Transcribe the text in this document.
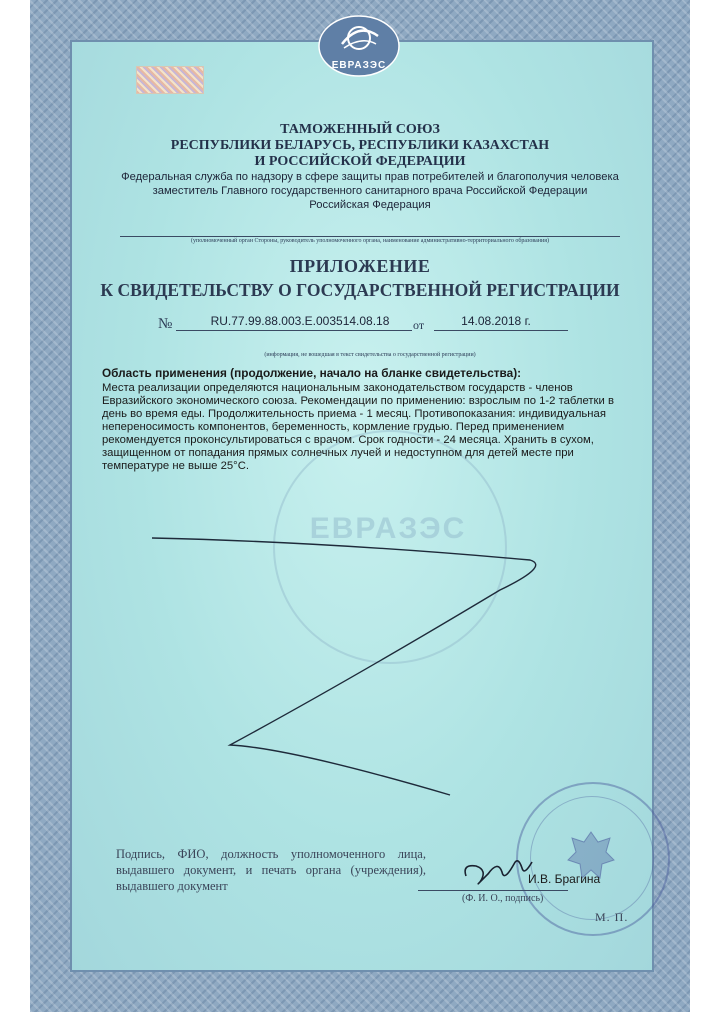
ЕВРАЗЭС
ТАМОЖЕННЫЙ СОЮЗ
РЕСПУБЛИКИ БЕЛАРУСЬ, РЕСПУБЛИКИ КАЗАХСТАН
И РОССИЙСКОЙ ФЕДЕРАЦИИ
Федеральная служба по надзору в сфере защиты прав потребителей и благополучия человека
заместитель Главного государственного санитарного врача Российской Федерации
Российская Федерация
(уполномоченный орган Стороны, руководитель уполномоченного органа, наименование административно-территориального образования)
ПРИЛОЖЕНИЕ
К СВИДЕТЕЛЬСТВУ О ГОСУДАРСТВЕННОЙ РЕГИСТРАЦИИ
№	RU.77.99.88.003.Е.003514.08.18	от	14.08.2018 г.
(информация, не вошедшая в текст свидетельства о государственной регистрации)
ЕВРАЗЭС
Область применения (продолжение, начало на бланке свидетельства):
Места реализации определяются национальным законодательством государств - членов
Евразийского экономического союза. Рекомендации по применению: взрослым по 1-2 таблетки в
день во время еды. Продолжительность приема - 1 месяц. Противопоказания: индивидуальная
непереносимость компонентов, беременность, кормление грудью. Перед применением
рекомендуется проконсультироваться с врачом. Срок годности - 24 месяца. Хранить в сухом,
защищенном от попадания прямых солнечных лучей и недоступном для детей месте при
температуре не выше 25°С.
Подпись, ФИО, должность уполномоченного лица, выдавшего документ, и печать органа (учреждения), выдавшего документ	И.В. Брагина
(Ф. И. О., подпись)
М. П.
